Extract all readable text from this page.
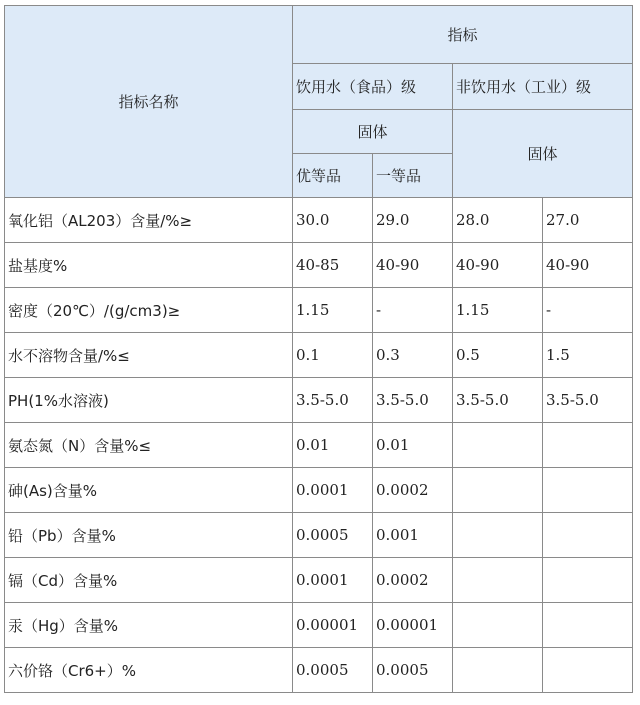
指标名称	指标			
	饮用水（食品）级		非饮用水（工业）级	
	固体		固体	
	优等品	一等品		
氧化铝（AL203）含量/%≥	30.0	29.0	28.0	27.0
盐基度%	40-85	40-90	40-90	40-90
密度（20℃）/(g/cm3)≥	1.15	-	1.15	-
水不溶物含量/%≤	0.1	0.3	0.5	1.5
PH(1%水溶液)	3.5-5.0	3.5-5.0	3.5-5.0	3.5-5.0
氨态氮（N）含量%≤	0.01	0.01		
砷(As)含量%	0.0001	0.0002		
铅（Pb）含量%	0.0005	0.001		
镉（Cd）含量%	0.0001	0.0002		
汞（Hg）含量%	0.00001	0.00001		
六价铬（Cr6+）%	0.0005	0.0005		
